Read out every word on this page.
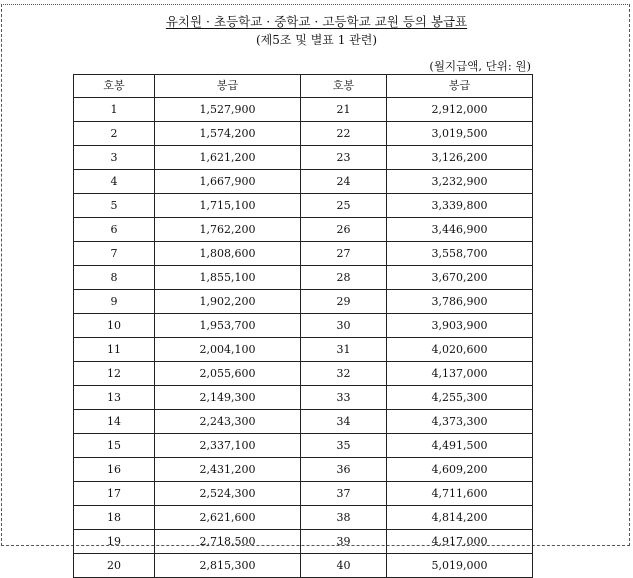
유치원 · 초등학교 · 중학교 · 고등학교 교원 등의 봉급표
(제5조 및 별표 1 관련)
(월지급액, 단위: 원)
호봉	봉급	호봉	봉급
1	1,527,900	21	2,912,000
2	1,574,200	22	3,019,500
3	1,621,200	23	3,126,200
4	1,667,900	24	3,232,900
5	1,715,100	25	3,339,800
6	1,762,200	26	3,446,900
7	1,808,600	27	3,558,700
8	1,855,100	28	3,670,200
9	1,902,200	29	3,786,900
10	1,953,700	30	3,903,900
11	2,004,100	31	4,020,600
12	2,055,600	32	4,137,000
13	2,149,300	33	4,255,300
14	2,243,300	34	4,373,300
15	2,337,100	35	4,491,500
16	2,431,200	36	4,609,200
17	2,524,300	37	4,711,600
18	2,621,600	38	4,814,200
19	2,718,500	39	4,917,000
20	2,815,300	40	5,019,000
